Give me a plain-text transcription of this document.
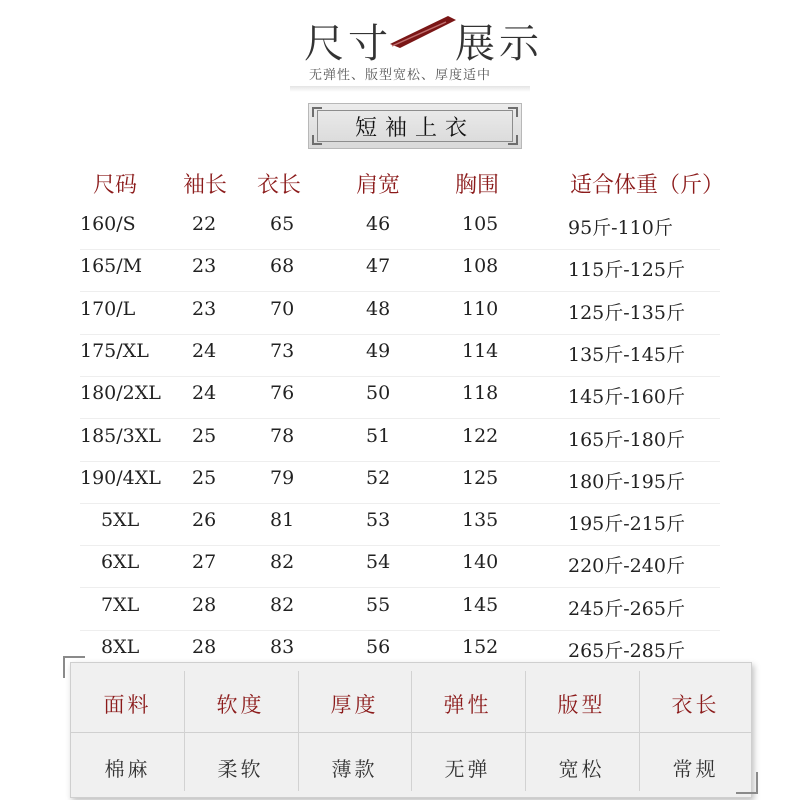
尺寸 展示
无弹性、版型宽松、厚度适中
短袖上衣
尺码 袖长 衣长 肩宽 胸围	适合体重（斤）
160/S	22	65	46	105	95斤-110斤
165/M	23	68	47	108	115斤-125斤
170/L	23	70	48	110	125斤-135斤
175/XL 24	73	49	114	135斤-145斤
180/2XL 24	76	50	118	145斤-160斤
185/3XL 25	78	51	122	165斤-180斤
190/4XL 25	79	52	125	180斤-195斤
5XL	26	81	53	135	195斤-215斤
6XL	27	82	54	140	220斤-240斤
7XL	28	82	55	145	245斤-265斤
8XL	28	83	56	152	265斤-285斤
面料	软度	厚度	弹性	版型	衣长
棉麻	柔软	薄款	无弹	宽松	常规
